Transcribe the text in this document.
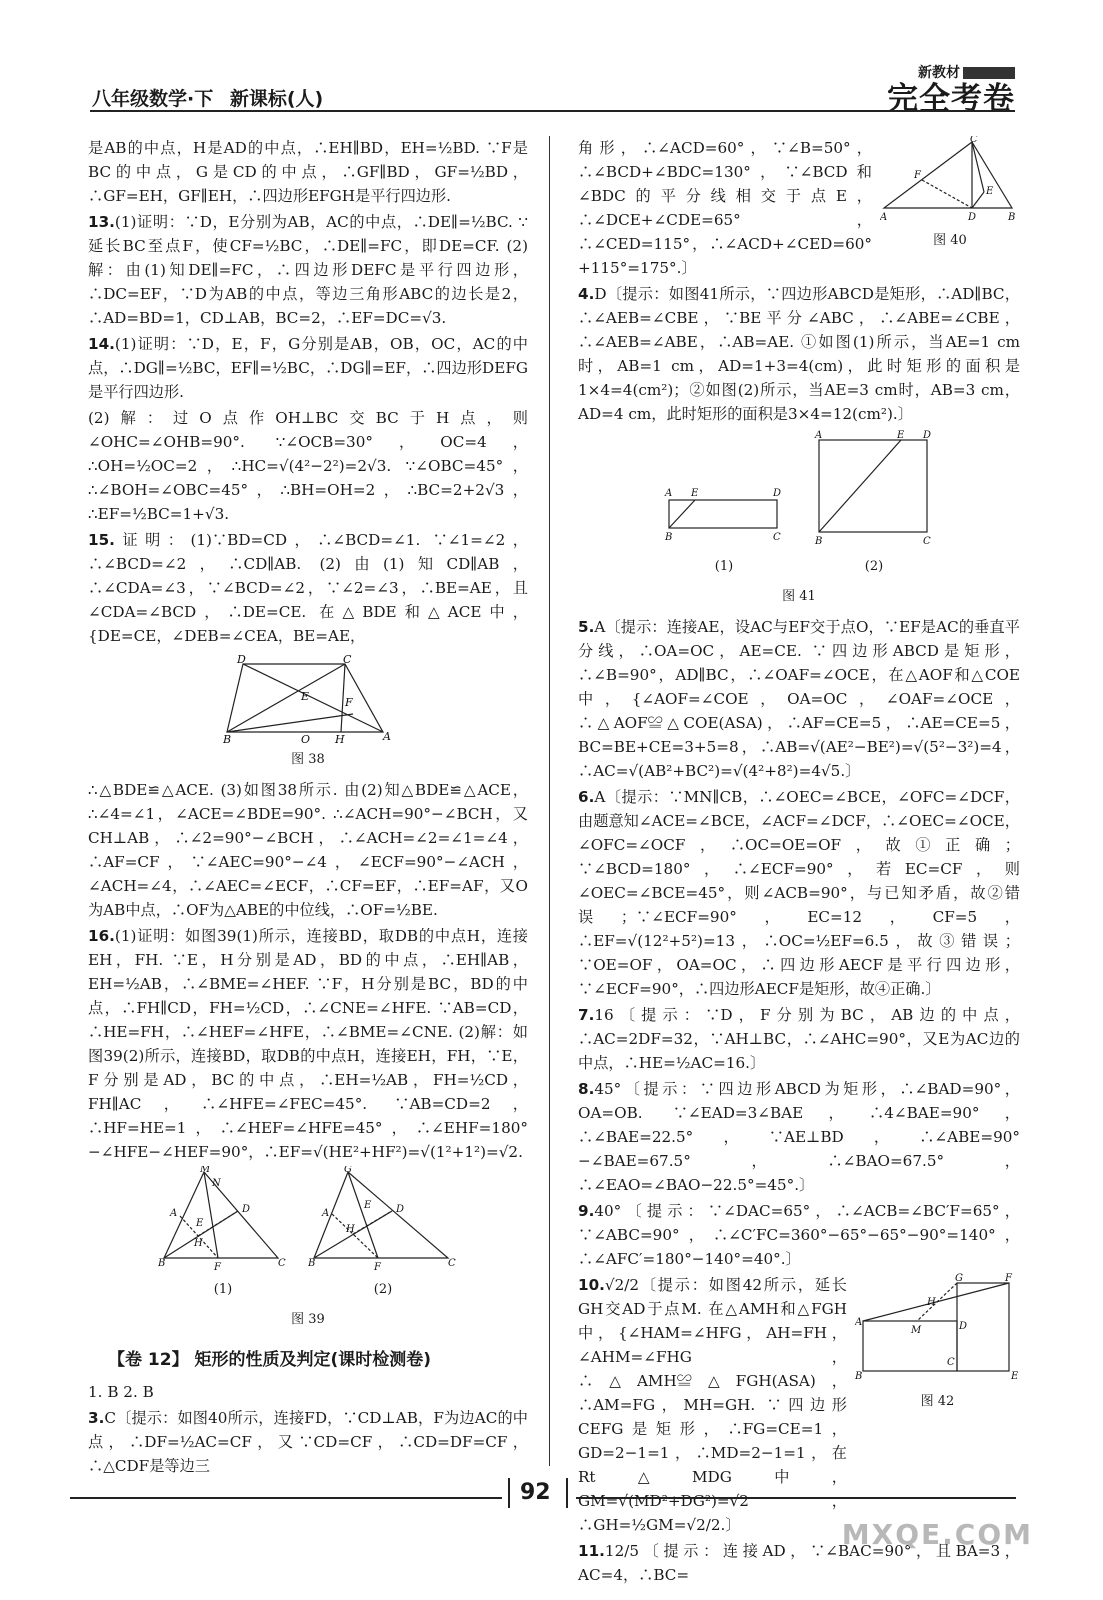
八年级数学·下 新课标(人)
新教材
完全考卷

是AB的中点，H是AD的中点，∴EH∥BD，EH=½BD. ∵F是BC的中点，G是CD的中点，∴GF∥BD，GF=½BD，∴GF=EH，GF∥EH，∴四边形EFGH是平行四边形.

13.(1)证明：∵D，E分别为AB，AC的中点，∴DE∥=½BC. ∵延长BC至点F，使CF=½BC，∴DE∥=FC，即DE=CF. (2)解：由(1)知DE∥=FC，∴四边形DEFC是平行四边形，∴DC=EF，∵D为AB的中点，等边三角形ABC的边长是2，∴AD=BD=1，CD⊥AB，BC=2，∴EF=DC=√3.

14.(1)证明：∵D，E，F，G分别是AB，OB，OC，AC的中点，∴DG∥=½BC，EF∥=½BC，∴DG∥=EF，∴四边形DEFG是平行四边形.

(2)解：过O点作OH⊥BC交BC于H点，则∠OHC=∠OHB=90°. ∵∠OCB=30°，OC=4，∴OH=½OC=2，∴HC=√(4²−2²)=2√3. ∵∠OBC=45°，∴∠BOH=∠OBC=45°，∴BH=OH=2，∴BC=2+2√3，∴EF=½BC=1+√3.

15.证明：(1)∵BD=CD，∴∠BCD=∠1. ∵∠1=∠2，∴∠BCD=∠2，∴CD∥AB. (2)由(1)知CD∥AB，∴∠CDA=∠3，∵∠BCD=∠2，∵∠2=∠3，∴BE=AE，且∠CDA=∠BCD，∴DE=CE. 在△BDE和△ACE中，{DE=CE，∠DEB=∠CEA，BE=AE，

D	C
E	F
B	O H	A

图 38

∴△BDE≌△ACE. (3)如图38所示. 由(2)知△BDE≌△ACE，∴∠4=∠1，∠ACE=∠BDE=90°. ∴∠ACH=90°−∠BCH，又CH⊥AB，∴∠2=90°−∠BCH，∴∠ACH=∠2=∠1=∠4，∴AF=CF，∵∠AEC=90°−∠4，∠ECF=90°−∠ACH，∠ACH=∠4，∴∠AEC=∠ECF，∴CF=EF，∴EF=AF，又O为AB中点，∴OF为△ABE的中位线，∴OF=½BE.

16.(1)证明：如图39(1)所示，连接BD，取DB的中点H，连接EH，FH. ∵E，H分别是AD，BD的中点，∴EH∥AB，EH=½AB，∴∠BME=∠HEF. ∵F，H分别是BC，BD的中点，∴FH∥CD，FH=½CD，∴∠CNE=∠HFE. ∵AB=CD，∴HE=FH，∴∠HEF=∠HFE，∴∠BME=∠CNE. (2)解：如图39(2)所示，连接BD，取DB的中点H，连接EH，FH，∵E，F分别是AD，BC的中点，∴EH=½AB，FH=½CD，FH∥AC，∴∠HFE=∠FEC=45°. ∵AB=CD=2，∴HF=HE=1，∴∠HEF=∠HFE=45°，∴∠EHF=180°−∠HFE−∠HEF=90°，∴EF=√(HE²+HF²)=√(1²+1²)=√2.

M
N
A	D
E
H
B	F	C

(1)

G
A	D
E
H
B	F	C

(2)

图 39

【卷 12】 矩形的性质及判定(课时检测卷)

1. B 2. B

3.C〔提示：如图40所示，连接FD，∵CD⊥AB，F为边AC的中点，∴DF=½AC=CF，又∵CD=CF，∴CD=DF=CF，∴△CDF是等边三

角形，∴∠ACD=60°，∵∠B=50°，∴∠BCD+∠BDC=130°，∵∠BCD和∠BDC的平分线相交于点E，∴∠DCE+∠CDE=65°，∴∠CED=115°，∴∠ACD+∠CED=60°+115°=175°.〕

C
F
E
A	D	B

图 40

4.D〔提示：如图41所示，∵四边形ABCD是矩形，∴AD∥BC，∴∠AEB=∠CBE，∵BE平分∠ABC，∴∠ABE=∠CBE，∴∠AEB=∠ABE，∴AB=AE. ①如图(1)所示，当AE=1 cm时，AB=1 cm，AD=1+3=4(cm)，此时矩形的面积是1×4=4(cm²)；②如图(2)所示，当AE=3 cm时，AB=3 cm，AD=4 cm，此时矩形的面积是3×4=12(cm²).〕

A E	D
B	C

(1)

A	E D
B	C

(2)

图 41

5.A〔提示：连接AE，设AC与EF交于点O，∵EF是AC的垂直平分线，∴OA=OC，AE=CE. ∵四边形ABCD是矩形，∴∠B=90°，AD∥BC，∴∠OAF=∠OCE，在△AOF和△COE中，{∠AOF=∠COE，OA=OC，∠OAF=∠OCE，∴△AOF≌△COE(ASA)，∴AF=CE=5，∴AE=CE=5，BC=BE+CE=3+5=8，∴AB=√(AE²−BE²)=√(5²−3²)=4，∴AC=√(AB²+BC²)=√(4²+8²)=4√5.〕

6.A〔提示：∵MN∥CB，∴∠OEC=∠BCE，∠OFC=∠DCF，由题意知∠ACE=∠BCE，∠ACF=∠DCF，∴∠OEC=∠OCE，∠OFC=∠OCF，∴OC=OE=OF，故①正确；∵∠BCD=180°，∴∠ECF=90°，若EC=CF，则∠OEC=∠BCE=45°，则∠ACB=90°，与已知矛盾，故②错误；∵∠ECF=90°，EC=12，CF=5，∴EF=√(12²+5²)=13，∴OC=½EF=6.5，故③错误；∵OE=OF，OA=OC，∴四边形AECF是平行四边形，∵∠ECF=90°，∴四边形AECF是矩形，故④正确.〕

7.16〔提示：∵D，F分别为BC，AB边的中点，∴AC=2DF=32，∵AH⊥BC，∴∠AHC=90°，又E为AC边的中点，∴HE=½AC=16.〕

8.45°〔提示：∵四边形ABCD为矩形，∴∠BAD=90°，OA=OB. ∵∠EAD=3∠BAE，∴4∠BAE=90°，∴∠BAE=22.5°，∵AE⊥BD，∴∠ABE=90°−∠BAE=67.5°，∴∠BAO=67.5°，∴∠EAO=∠BAO−22.5°=45°.〕

9.40°〔提示：∵∠DAC=65°，∴∠ACB=∠BC′F=65°，∵∠ABC=90°，∴∠C′FC=360°−65°−65°−90°=140°，∴∠AFC′=180°−140°=40°.〕

10.√2/2〔提示：如图42所示，延长GH交AD于点M. 在△AMH和△FGH中，{∠HAM=∠HFG，AH=FH，∠AHM=∠FHG，∴△AMH≌△FGH(ASA)，∴AM=FG，MH=GH. ∵四边形CEFG是矩形，∴FG=CE=1，GD=2−1=1，∴MD=2−1=1，在Rt△MDG中，GM=√(MD²+DG²)=√2，∴GH=½GM=√2/2.〕

G	F
H
A
M	D
B
C
E

图 42

11.12/5〔提示：连接AD，∵∠BAC=90°，且BA=3，AC=4，∴BC=

92
MXQE.COM
